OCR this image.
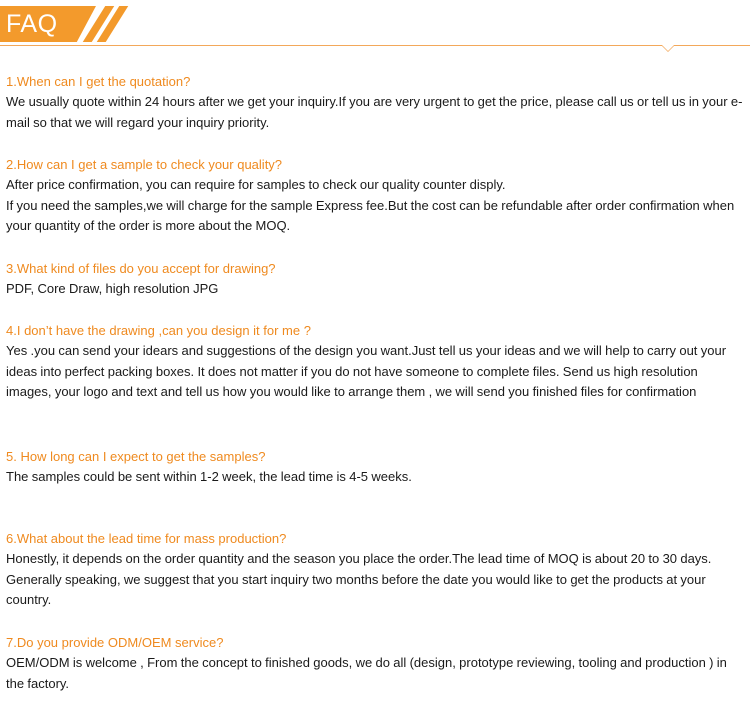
FAQ
1.When can I get the quotation?

We usually quote within 24 hours after we get your inquiry.If you are very urgent to get the price, please call us or tell us in your e-mail so that we will regard your inquiry priority.

2.How can I get a sample to check your quality?

After price confirmation, you can require for samples to check our quality counter disply.

If you need the samples,we will charge for the sample Express fee.But the cost can be refundable after order confirmation when your quantity of the order is more about the MOQ.

3.What kind of files do you accept for drawing?

PDF, Core Draw, high resolution JPG

4.I don’t have the drawing ,can you design it for me ?

Yes .you can send your idears and suggestions of the design you want.Just tell us your ideas and we will help to carry out your ideas into perfect packing boxes. It does not matter if you do not have someone to complete files. Send us high resolution images, your logo and text and tell us how you would like to arrange them , we will send you finished files for confirmation

5. How long can I expect to get the samples?

The samples could be sent within 1-2 week, the lead time is 4-5 weeks.

6.What about the lead time for mass production?

Honestly, it depends on the order quantity and the season you place the order.The lead time of MOQ is about 20 to 30 days. Generally speaking, we suggest that you start inquiry two months before the date you would like to get the products at your country.

7.Do you provide ODM/OEM service?

OEM/ODM is welcome , From the concept to finished goods, we do all (design, prototype reviewing, tooling and production ) in the factory.
